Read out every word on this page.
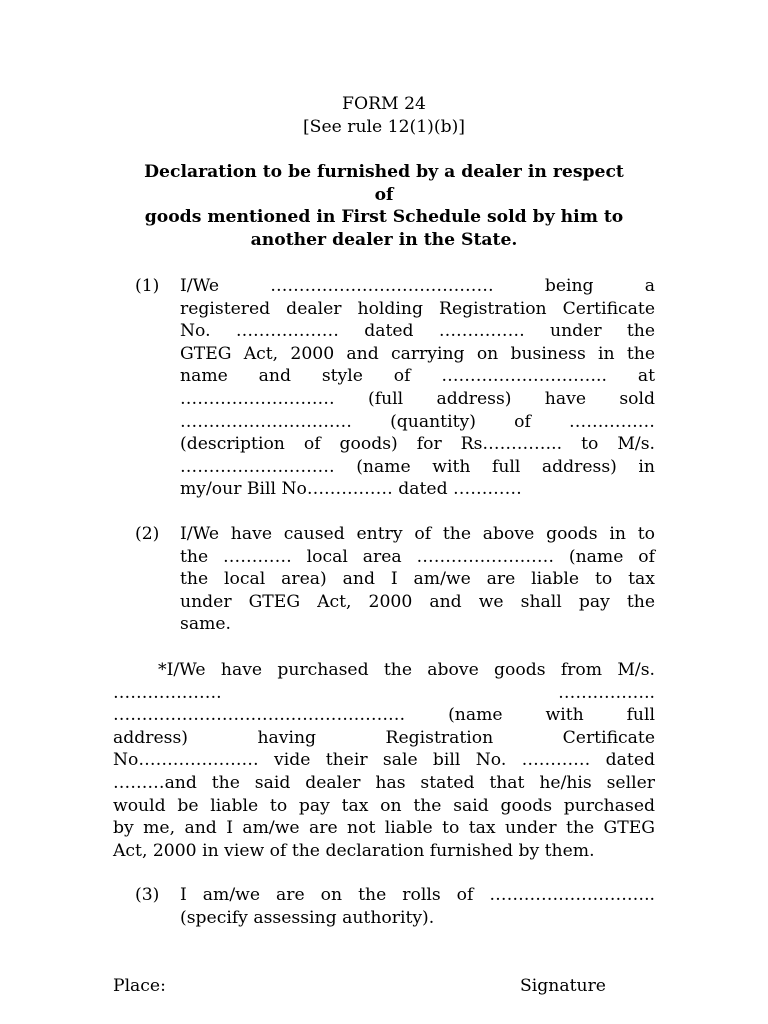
FORM 24
[See rule 12(1)(b)]
Declaration to be furnished by a dealer in respect
of
goods mentioned in First Schedule sold by him to
another dealer in the State.
(1) I/We ………………………………… being a
registered dealer holding Registration Certificate
No. ……………… dated …………… under the
GTEG Act, 2000 and carrying on business in the
name and style of ……………………….. at
……………………… (full address) have sold
………………………… (quantity) of ……………
(description of goods) for Rs………….. to M/s.
……………………… (name with full address) in
my/our Bill No…………… dated …………
(2) I/We have caused entry of the above goods in to
the ………… local area …………………… (name of
the local area) and I am/we are liable to tax
under GTEG Act, 2000 and we shall pay the
same.
*I/We have purchased the above goods from M/s.
………………. ……………..
…………………………………………… (name with full
address) having Registration Certificate
No………………… vide their sale bill No. ………… dated
………and the said dealer has stated that he/his seller
would be liable to pay tax on the said goods purchased
by me, and I am/we are not liable to tax under the GTEG
Act, 2000 in view of the declaration furnished by them.
(3) I am/we are on the rolls of ………………………..
(specify assessing authority).
Place:	Signature
